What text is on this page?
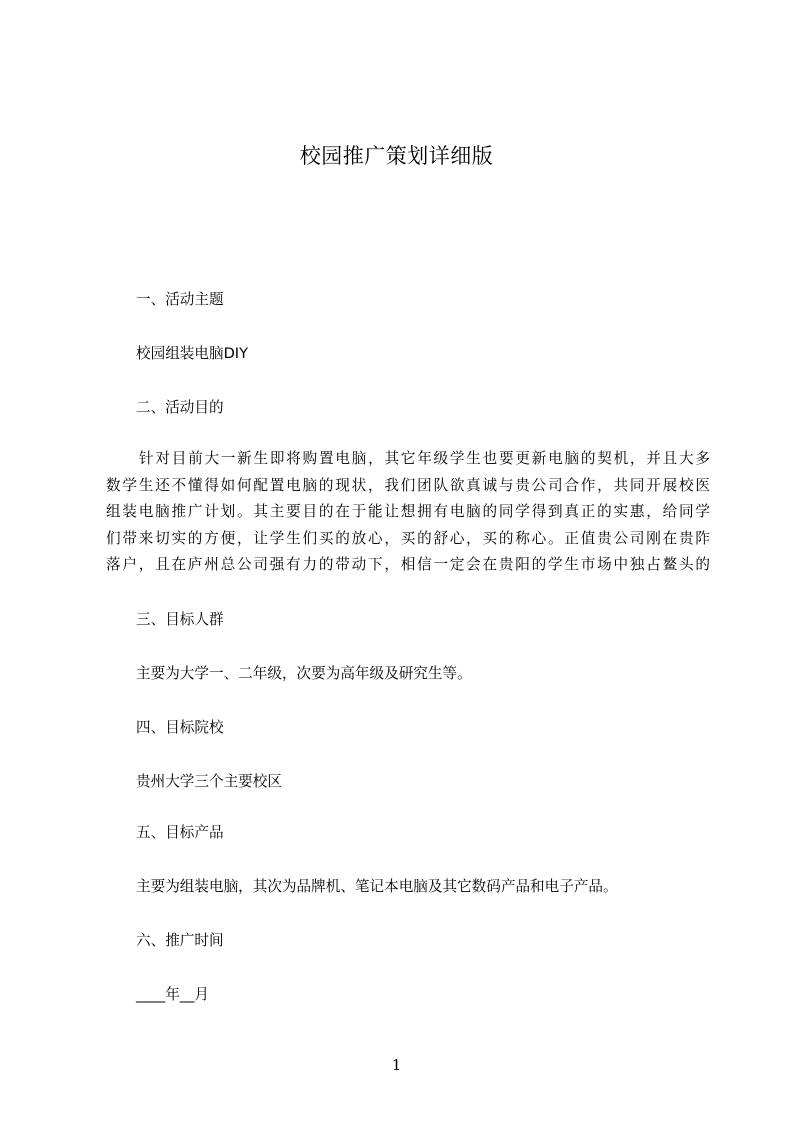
校园推广策划详细版
一、活动主题
校园组装电脑DIY
二、活动目的
针对目前大一新生即将购置电脑，其它年级学生也要更新电脑的契机，并且大多
数学生还不懂得如何配置电脑的现状，我们团队欲真诚与贵公司合作，共同开展校医
组装电脑推广计划。其主要目的在于能让想拥有电脑的同学得到真正的实惠，给同学
们带来切实的方便，让学生们买的放心，买的舒心，买的称心。正值贵公司刚在贵阼
落户，且在庐州总公司强有力的带动下，相信一定会在贵阳的学生市场中独占鳌头的
三、目标人群
主要为大学一、二年级，次要为高年级及研究生等。
四、目标院校
贵州大学三个主要校区
五、目标产品
主要为组装电脑，其次为品牌机、笔记本电脑及其它数码产品和电子产品。
六、推广时间
____年__月
1
